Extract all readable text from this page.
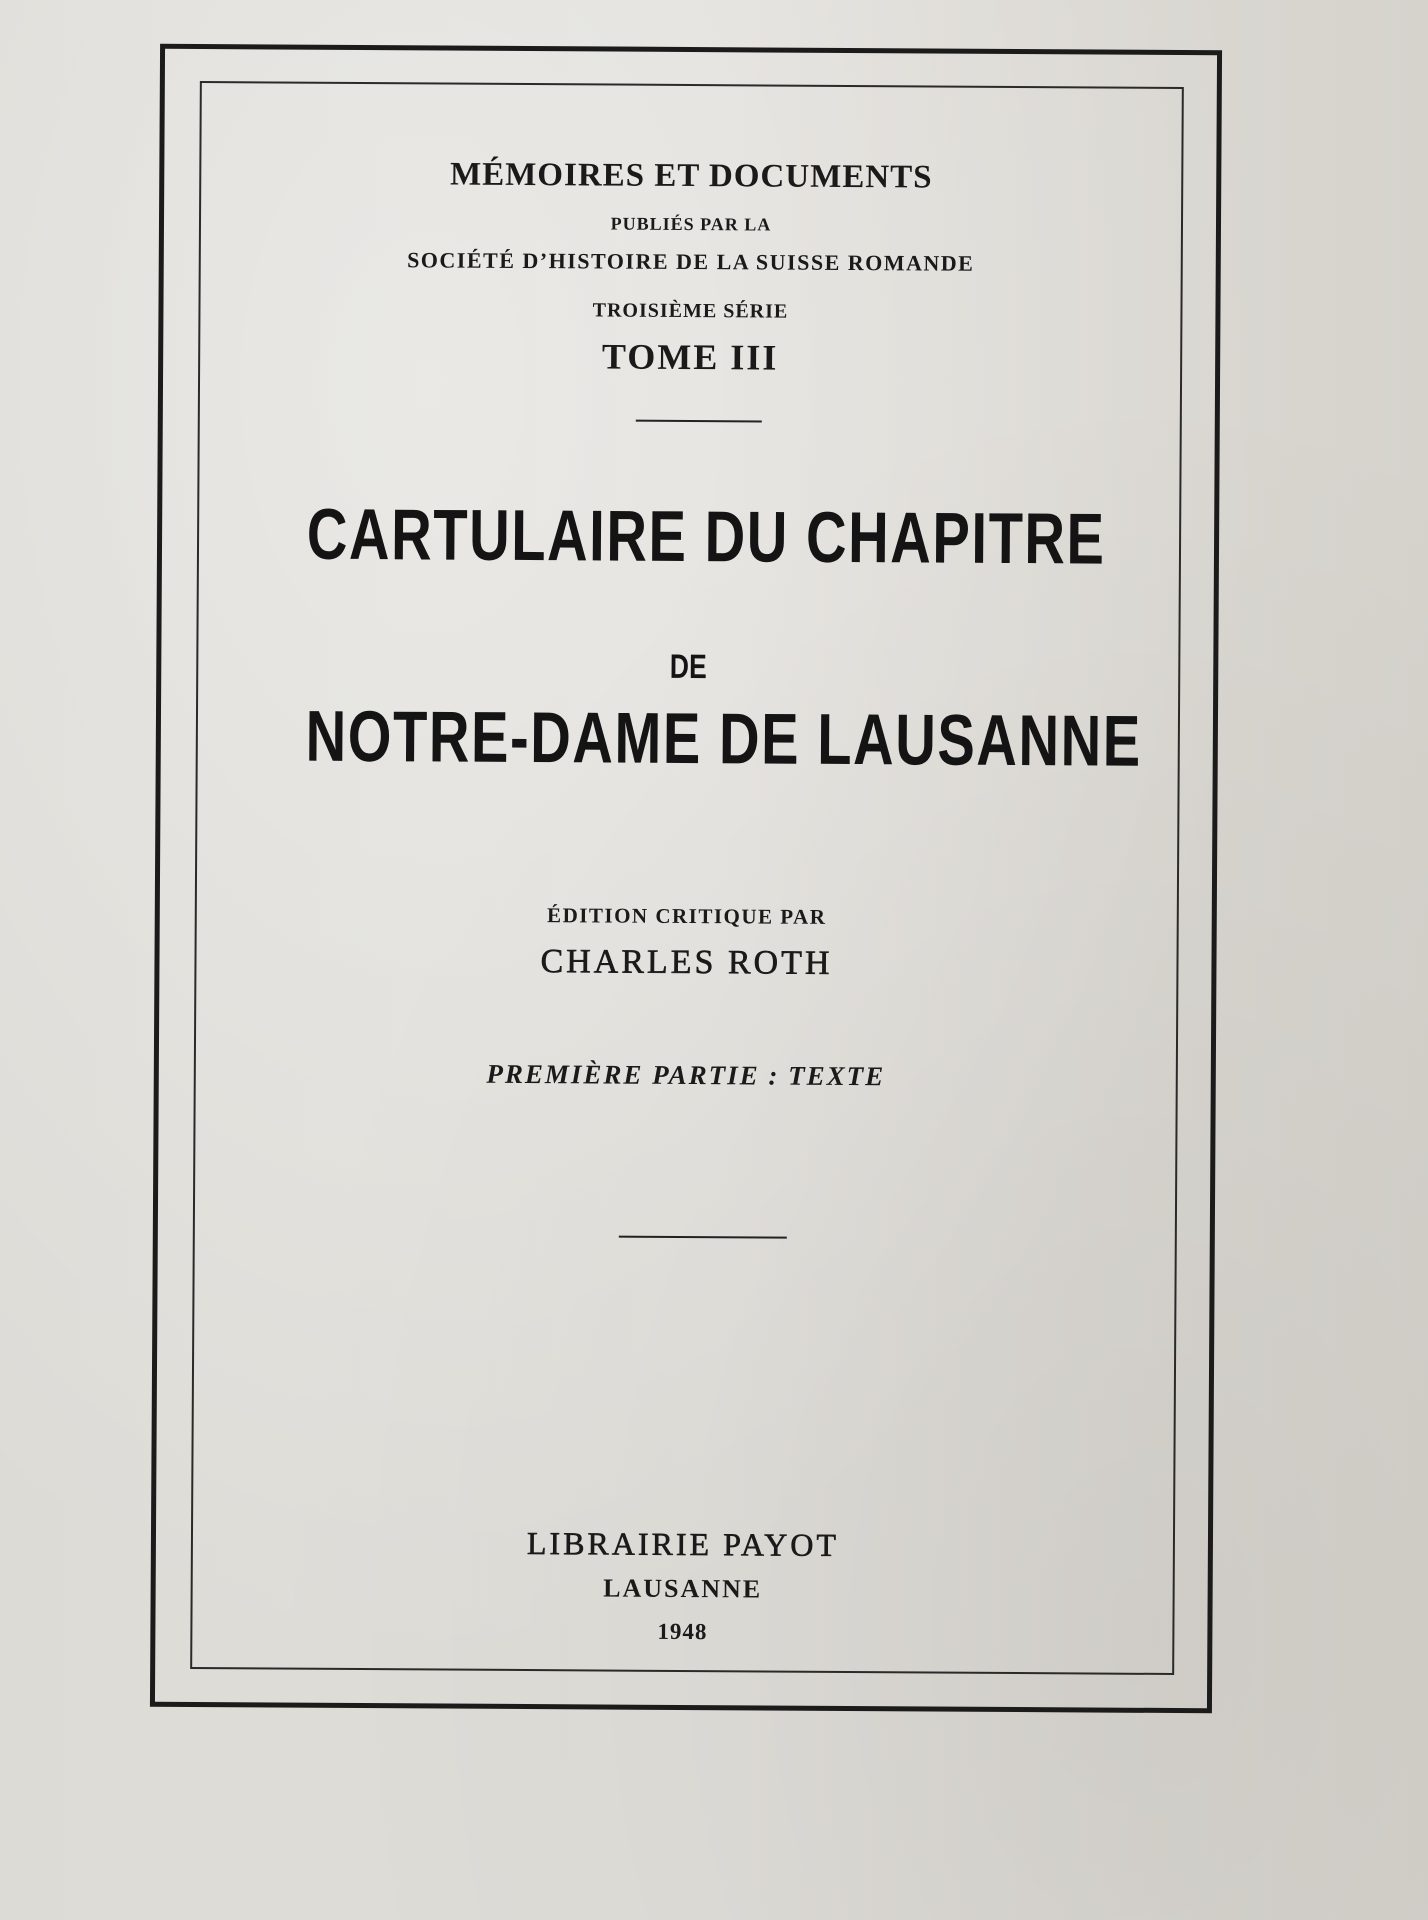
MÉMOIRES ET DOCUMENTS

PUBLIÉS PAR LA

SOCIÉTÉ D’HISTOIRE DE LA SUISSE ROMANDE

TROISIÈME SÉRIE

TOME III

CARTULAIRE DU CHAPITRE

DE

NOTRE-DAME DE LAUSANNE

ÉDITION CRITIQUE PAR

CHARLES ROTH

PREMIÈRE PARTIE : TEXTE

LIBRAIRIE PAYOT

LAUSANNE

1948
